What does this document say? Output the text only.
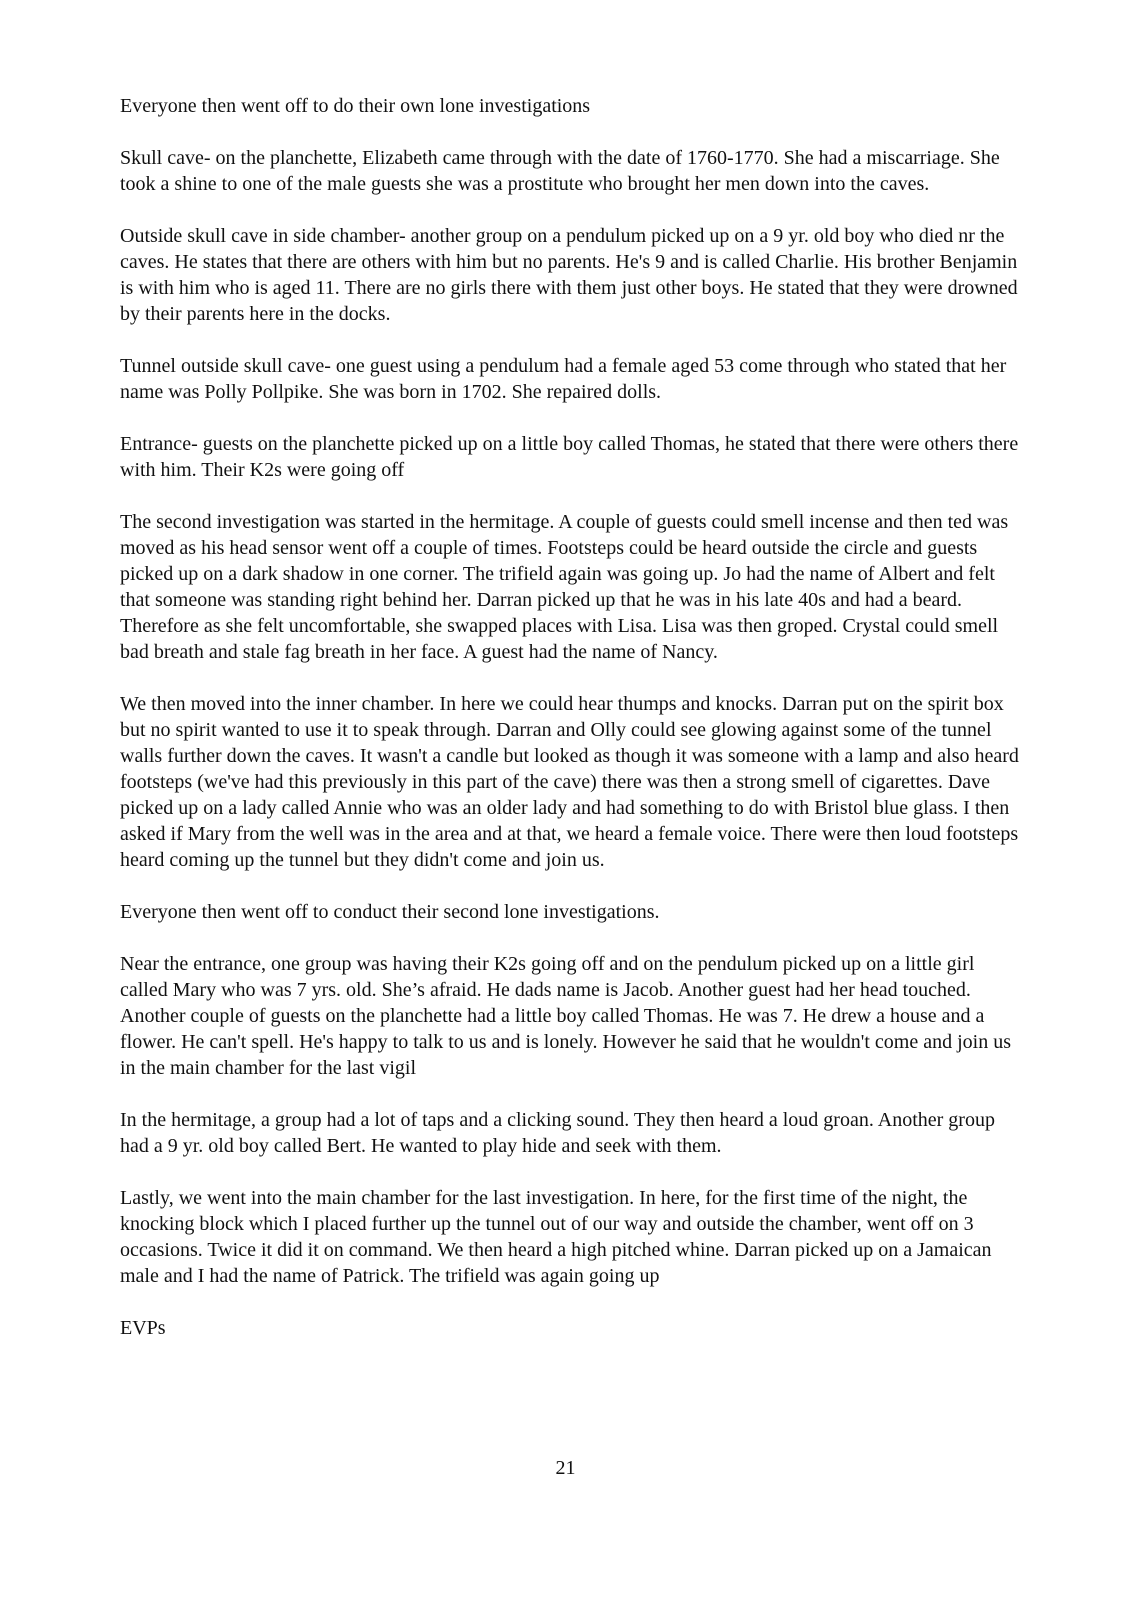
Everyone then went off to do their own lone investigations

Skull cave- on the planchette, Elizabeth came through with the date of 1760-1770. She had a miscarriage. She took a shine to one of the male guests she was a prostitute who brought her men down into the caves.

Outside skull cave in side chamber- another group on a pendulum picked up on a 9 yr. old boy who died nr the caves. He states that there are others with him but no parents. He's 9 and is called Charlie. His brother Benjamin is with him who is aged 11. There are no girls there with them just other boys. He stated that they were drowned by their parents here in the docks.

Tunnel outside skull cave- one guest using a pendulum had a female aged 53 come through who stated that her name was Polly Pollpike. She was born in 1702. She repaired dolls.

Entrance- guests on the planchette picked up on a little boy called Thomas, he stated that there were others there with him. Their K2s were going off

The second investigation was started in the hermitage. A couple of guests could smell incense and then ted was moved as his head sensor went off a couple of times. Footsteps could be heard outside the circle and guests picked up on a dark shadow in one corner. The trifield again was going up. Jo had the name of Albert and felt that someone was standing right behind her. Darran picked up that he was in his late 40s and had a beard. Therefore as she felt uncomfortable, she swapped places with Lisa. Lisa was then groped. Crystal could smell bad breath and stale fag breath in her face. A guest had the name of Nancy.

We then moved into the inner chamber. In here we could hear thumps and knocks. Darran put on the spirit box but no spirit wanted to use it to speak through. Darran and Olly could see glowing against some of the tunnel walls further down the caves. It wasn't a candle but looked as though it was someone with a lamp and also heard footsteps (we've had this previously in this part of the cave) there was then a strong smell of cigarettes. Dave picked up on a lady called Annie who was an older lady and had something to do with Bristol blue glass. I then asked if Mary from the well was in the area and at that, we heard a female voice. There were then loud footsteps heard coming up the tunnel but they didn't come and join us.

Everyone then went off to conduct their second lone investigations.

Near the entrance, one group was having their K2s going off and on the pendulum picked up on a little girl called Mary who was 7 yrs. old. She’s afraid. He dads name is Jacob. Another guest had her head touched. Another couple of guests on the planchette had a little boy called Thomas. He was 7. He drew a house and a flower. He can't spell. He's happy to talk to us and is lonely. However he said that he wouldn't come and join us in the main chamber for the last vigil

In the hermitage, a group had a lot of taps and a clicking sound. They then heard a loud groan. Another group had a 9 yr. old boy called Bert. He wanted to play hide and seek with them.

Lastly, we went into the main chamber for the last investigation. In here, for the first time of the night, the knocking block which I placed further up the tunnel out of our way and outside the chamber, went off on 3 occasions. Twice it did it on command. We then heard a high pitched whine. Darran picked up on a Jamaican male and I had the name of Patrick. The trifield was again going up

EVPs

21
